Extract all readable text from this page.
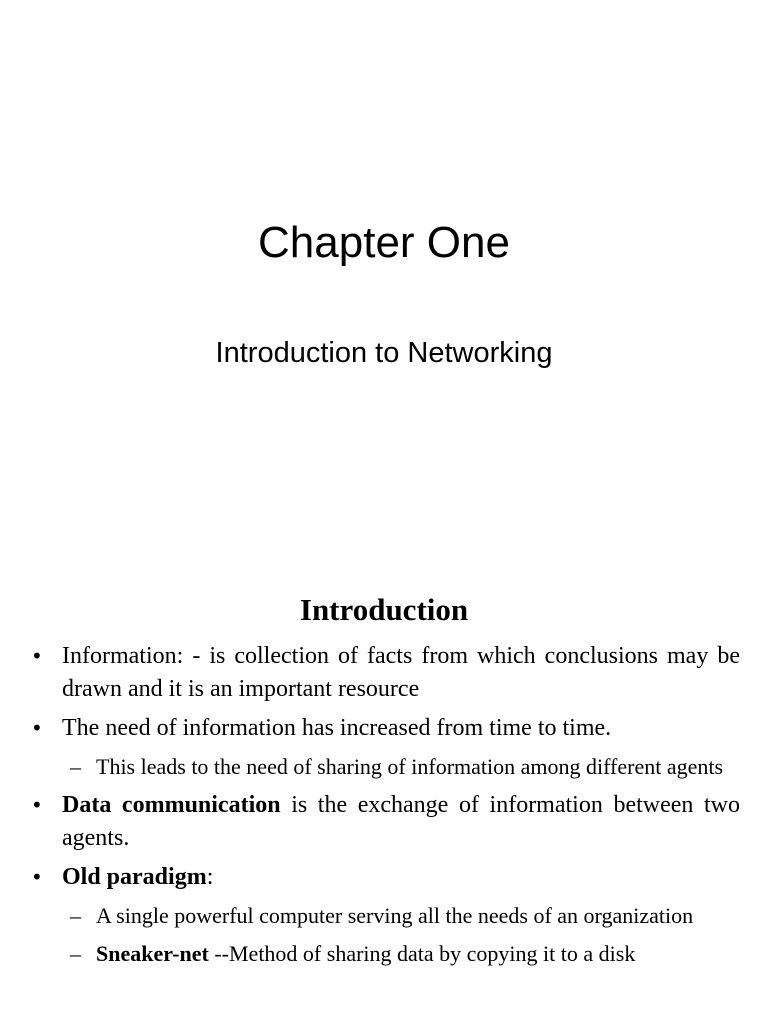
Chapter One
Introduction to Networking
Introduction
• Information: - is collection of facts from which conclusions may be drawn and it is an important resource
• The need of information has increased from time to time.
– This leads to the need of sharing of information among different agents
• Data communication is the exchange of information between two agents.
• Old paradigm:
– A single powerful computer serving all the needs of an organization
– Sneaker-net --Method of sharing data by copying it to a disk
